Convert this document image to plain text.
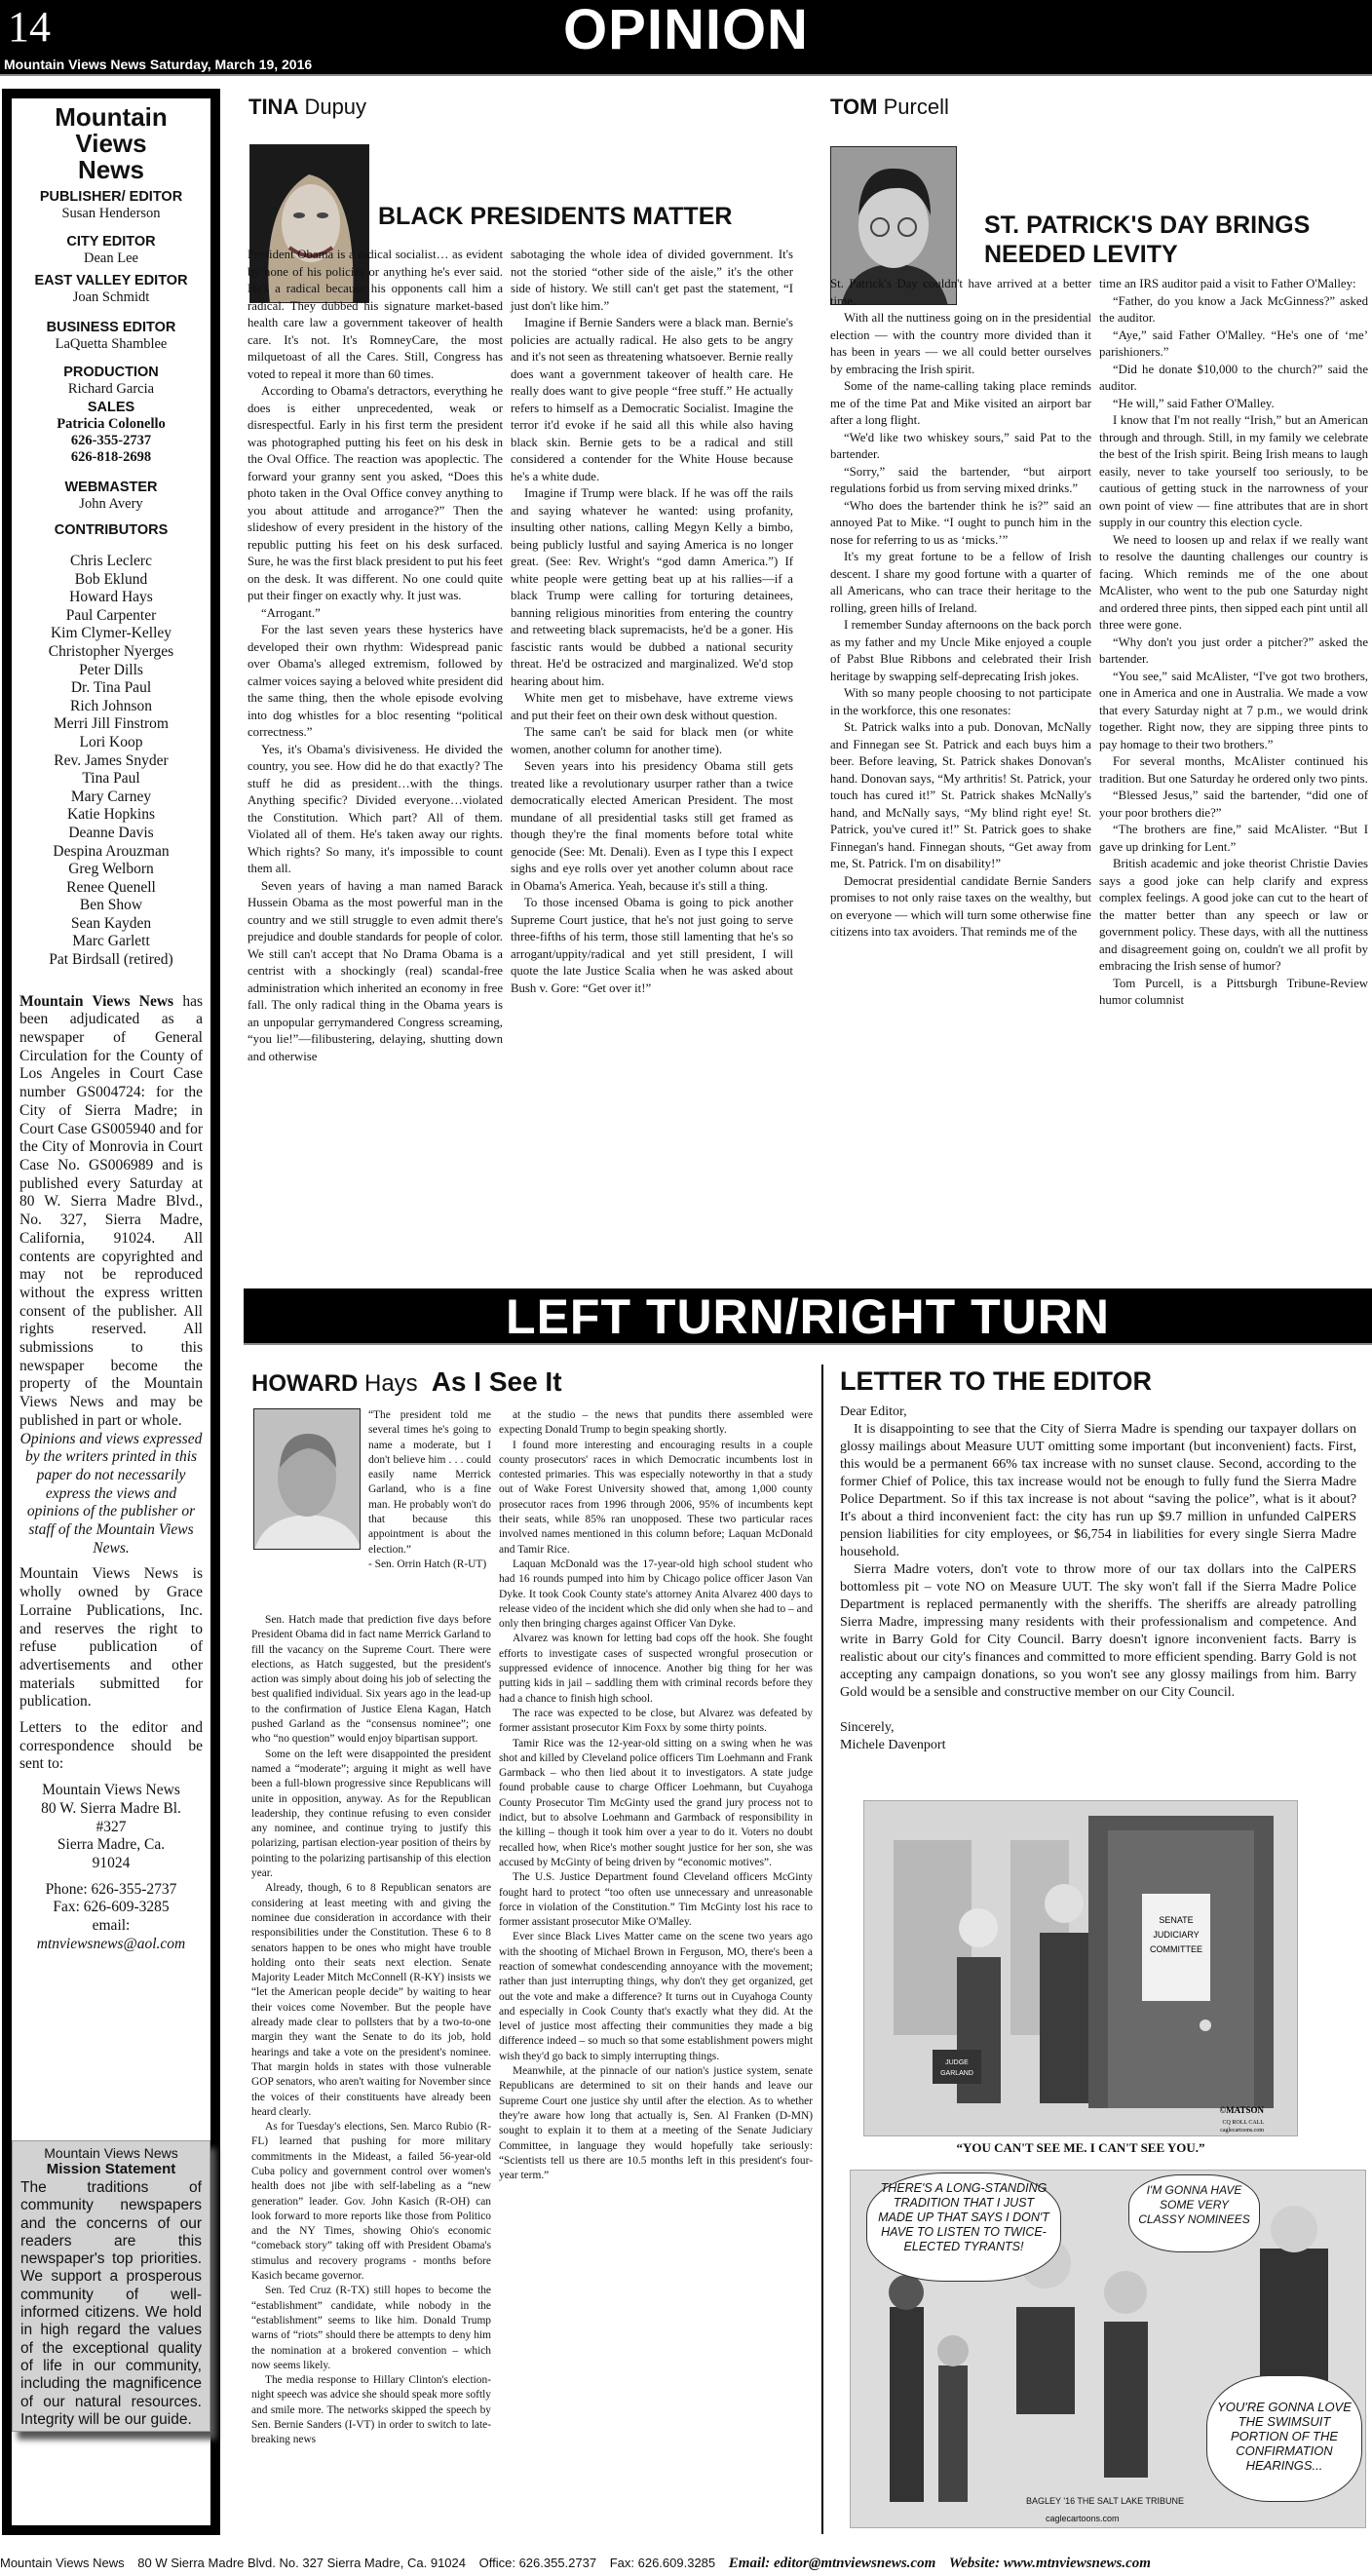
14	OPINION
Mountain Views News Saturday, March 19, 2016
Mountain
Views
News
PUBLISHER/ EDITOR
Susan Henderson
CITY EDITOR
Dean Lee
EAST VALLEY EDITOR
Joan Schmidt
BUSINESS EDITOR
LaQuetta Shamblee
PRODUCTION
Richard Garcia
SALES
Patricia Colonello
626-355-2737
626-818-2698
WEBMASTER
John Avery
CONTRIBUTORS
Chris Leclerc
Bob Eklund
Howard Hays
Paul Carpenter
Kim Clymer-Kelley
Christopher Nyerges
Peter Dills
Dr. Tina Paul
Rich Johnson
Merri Jill Finstrom
Lori Koop
Rev. James Snyder
Tina Paul
Mary Carney
Katie Hopkins
Deanne Davis
Despina Arouzman
Greg Welborn
Renee Quenell
Ben Show
Sean Kayden
Marc Garlett
Pat Birdsall (retired)
Mountain Views News has been adjudicated as a newspaper of General Circulation for the County of Los Angeles in Court Case number GS004724: for the City of Sierra Madre; in Court Case GS005940 and for the City of Monrovia in Court Case No. GS006989 and is published every Saturday at 80 W. Sierra Madre Blvd., No. 327, Sierra Madre, California, 91024. All contents are copyrighted and may not be reproduced without the express written consent of the publisher. All rights reserved. All submissions to this newspaper become the property of the Mountain Views News and may be published in part or whole.
Opinions and views expressed by the writers printed in this paper do not necessarily express the views and opinions of the publisher or staff of the Mountain Views News.
Mountain Views News is wholly owned by Grace Lorraine Publications, Inc. and reserves the right to refuse publication of advertisements and other materials submitted for publication.
Letters to the editor and correspondence should be sent to:
Mountain Views News
80 W. Sierra Madre Bl.
#327
Sierra Madre, Ca.
91024
Phone: 626-355-2737
Fax: 626-609-3285
email:
mtnviewsnews@aol.com
Mountain Views News
Mission Statement
The traditions of community newspapers and the concerns of our readers are this newspaper's top priorities. We support a prosperous community of well-informed citizens. We hold in high regard the values of the exceptional quality of life in our community, including the magnificence of our natural resources. Integrity will be our guide.
TINA Dupuy
BLACK PRESIDENTS MATTER

President Obama is a radical socialist… as evident by none of his policies or anything he's ever said. He's a radical because his opponents call him a radical. They dubbed his signature market-based health care law a government takeover of health care. It's not. It's RomneyCare, the most milquetoast of all the Cares. Still, Congress has voted to repeal it more than 60 times.

According to Obama's detractors, everything he does is either unprecedented, weak or disrespectful. Early in his first term the president was photographed putting his feet on his desk in the Oval Office. The reaction was apoplectic. The forward your granny sent you asked, “Does this photo taken in the Oval Office convey anything to you about attitude and arrogance?” Then the slideshow of every president in the history of the republic putting his feet on his desk surfaced. Sure, he was the first black president to put his feet on the desk. It was different. No one could quite put their finger on exactly why. It just was.

“Arrogant.”

For the last seven years these hysterics have developed their own rhythm: Widespread panic over Obama's alleged extremism, followed by calmer voices saying a beloved white president did the same thing, then the whole episode evolving into dog whistles for a bloc resenting “political correctness.”

Yes, it's Obama's divisiveness. He divided the country, you see. How did he do that exactly? The stuff he did as president…with the things. Anything specific? Divided everyone…violated the Constitution. Which part? All of them. Violated all of them. He's taken away our rights. Which rights? So many, it's impossible to count them all.

Seven years of having a man named Barack Hussein Obama as the most powerful man in the country and we still struggle to even admit there's prejudice and double standards for people of color. We still can't accept that No Drama Obama is a centrist with a shockingly (real) scandal-free administration which inherited an economy in free fall. The only radical thing in the Obama years is an unpopular gerrymandered Congress screaming, “you lie!”—filibustering, delaying, shutting down and otherwise

sabotaging the whole idea of divided government. It's not the storied “other side of the aisle,” it's the other side of history. We still can't get past the statement, “I just don't like him.”

Imagine if Bernie Sanders were a black man. Bernie's policies are actually radical. He also gets to be angry and it's not seen as threatening whatsoever. Bernie really does want a government takeover of health care. He really does want to give people “free stuff.” He actually refers to himself as a Democratic Socialist. Imagine the terror it'd evoke if he said all this while also having black skin. Bernie gets to be a radical and still considered a contender for the White House because he's a white dude.

Imagine if Trump were black. If he was off the rails and saying whatever he wanted: using profanity, insulting other nations, calling Megyn Kelly a bimbo, being publicly lustful and saying America is no longer great. (See: Rev. Wright's “god damn America.”) If white people were getting beat up at his rallies—if a black Trump were calling for torturing detainees, banning religious minorities from entering the country and retweeting black supremacists, he'd be a goner. His fascistic rants would be dubbed a national security threat. He'd be ostracized and marginalized. We'd stop hearing about him.

White men get to misbehave, have extreme views and put their feet on their own desk without question.

The same can't be said for black men (or white women, another column for another time).

Seven years into his presidency Obama still gets treated like a revolutionary usurper rather than a twice democratically elected American President. The most mundane of all presidential tasks still get framed as though they're the final moments before total white genocide (See: Mt. Denali). Even as I type this I expect sighs and eye rolls over yet another column about race in Obama's America. Yeah, because it's still a thing.

To those incensed Obama is going to pick another Supreme Court justice, that he's not just going to serve three-fifths of his term, those still lamenting that he's so arrogant/uppity/radical and yet still president, I will quote the late Justice Scalia when he was asked about Bush v. Gore: “Get over it!”

TOM Purcell
ST. PATRICK'S DAY BRINGS NEEDED LEVITY

St. Patrick's Day couldn't have arrived at a better time.

With all the nuttiness going on in the presidential election — with the country more divided than it has been in years — we all could better ourselves by embracing the Irish spirit.

Some of the name-calling taking place reminds me of the time Pat and Mike visited an airport bar after a long flight.

“We'd like two whiskey sours,” said Pat to the bartender.

“Sorry,” said the bartender, “but airport regulations forbid us from serving mixed drinks.”

“Who does the bartender think he is?” said an annoyed Pat to Mike. “I ought to punch him in the nose for referring to us as ‘micks.’”

It's my great fortune to be a fellow of Irish descent. I share my good fortune with a quarter of all Americans, who can trace their heritage to the rolling, green hills of Ireland.

I remember Sunday afternoons on the back porch as my father and my Uncle Mike enjoyed a couple of Pabst Blue Ribbons and celebrated their Irish heritage by swapping self-deprecating Irish jokes.

With so many people choosing to not participate in the workforce, this one resonates:

St. Patrick walks into a pub. Donovan, McNally and Finnegan see St. Patrick and each buys him a beer. Before leaving, St. Patrick shakes Donovan's hand. Donovan says, “My arthritis! St. Patrick, your touch has cured it!” St. Patrick shakes McNally's hand, and McNally says, “My blind right eye! St. Patrick, you've cured it!” St. Patrick goes to shake Finnegan's hand. Finnegan shouts, “Get away from me, St. Patrick. I'm on disability!”

Democrat presidential candidate Bernie Sanders promises to not only raise taxes on the wealthy, but on everyone — which will turn some otherwise fine citizens into tax avoiders. That reminds me of the

time an IRS auditor paid a visit to Father O'Malley:

“Father, do you know a Jack McGinness?” asked the auditor.

“Aye,” said Father O'Malley. “He's one of ‘me’ parishioners.”

“Did he donate $10,000 to the church?” said the auditor.

“He will,” said Father O'Malley.

I know that I'm not really “Irish,” but an American through and through. Still, in my family we celebrate the best of the Irish spirit. Being Irish means to laugh easily, never to take yourself too seriously, to be cautious of getting stuck in the narrowness of your own point of view — fine attributes that are in short supply in our country this election cycle.

We need to loosen up and relax if we really want to resolve the daunting challenges our country is facing. Which reminds me of the one about McAlister, who went to the pub one Saturday night and ordered three pints, then sipped each pint until all three were gone.

“Why don't you just order a pitcher?” asked the bartender.

“You see,” said McAlister, “I've got two brothers, one in America and one in Australia. We made a vow that every Saturday night at 7 p.m., we would drink together. Right now, they are sipping three pints to pay homage to their two brothers.”

For several months, McAlister continued his tradition. But one Saturday he ordered only two pints.

“Blessed Jesus,” said the bartender, “did one of your poor brothers die?”

“The brothers are fine,” said McAlister. “But I gave up drinking for Lent.”

British academic and joke theorist Christie Davies says a good joke can help clarify and express complex feelings. A good joke can cut to the heart of the matter better than any speech or law or government policy. These days, with all the nuttiness and disagreement going on, couldn't we all profit by embracing the Irish sense of humor?

Tom Purcell, is a Pittsburgh Tribune-Review humor columnist

LEFT TURN/RIGHT TURN
HOWARD Hays As I See It
“The president told me several times he's going to name a moderate, but I don't believe him . . . could easily name Merrick Garland, who is a fine man. He probably won't do that because this appointment is about the election.”
- Sen. Orrin Hatch (R-UT)

Sen. Hatch made that prediction five days before President Obama did in fact name Merrick Garland to fill the vacancy on the Supreme Court. There were elections, as Hatch suggested, but the president's action was simply about doing his job of selecting the best qualified individual. Six years ago in the lead-up to the confirmation of Justice Elena Kagan, Hatch pushed Garland as the “consensus nominee”; one who “no question” would enjoy bipartisan support.

Some on the left were disappointed the president named a “moderate”; arguing it might as well have been a full-blown progressive since Republicans will unite in opposition, anyway. As for the Republican leadership, they continue refusing to even consider any nominee, and continue trying to justify this polarizing, partisan election-year position of theirs by pointing to the polarizing partisanship of this election year.

Already, though, 6 to 8 Republican senators are considering at least meeting with and giving the nominee due consideration in accordance with their responsibilities under the Constitution. These 6 to 8 senators happen to be ones who might have trouble holding onto their seats next election. Senate Majority Leader Mitch McConnell (R-KY) insists we “let the American people decide” by waiting to hear their voices come November. But the people have already made clear to pollsters that by a two-to-one margin they want the Senate to do its job, hold hearings and take a vote on the president's nominee. That margin holds in states with those vulnerable GOP senators, who aren't waiting for November since the voices of their constituents have already been heard clearly.

As for Tuesday's elections, Sen. Marco Rubio (R-FL) learned that pushing for more military commitments in the Mideast, a failed 56-year-old Cuba policy and government control over women's health does not jibe with self-labeling as a “new generation” leader. Gov. John Kasich (R-OH) can look forward to more reports like those from Politico and the NY Times, showing Ohio's economic “comeback story” taking off with President Obama's stimulus and recovery programs - months before Kasich became governor.

Sen. Ted Cruz (R-TX) still hopes to become the “establishment” candidate, while nobody in the “establishment” seems to like him. Donald Trump warns of “riots” should there be attempts to deny him the nomination at a brokered convention – which now seems likely.

The media response to Hillary Clinton's election-night speech was advice she should speak more softly and smile more. The networks skipped the speech by Sen. Bernie Sanders (I-VT) in order to switch to late-breaking news

at the studio – the news that pundits there assembled were expecting Donald Trump to begin speaking shortly.

I found more interesting and encouraging results in a couple county prosecutors' races in which Democratic incumbents lost in contested primaries. This was especially noteworthy in that a study out of Wake Forest University showed that, among 1,000 county prosecutor races from 1996 through 2006, 95% of incumbents kept their seats, while 85% ran unopposed. These two particular races involved names mentioned in this column before; Laquan McDonald and Tamir Rice.

Laquan McDonald was the 17-year-old high school student who had 16 rounds pumped into him by Chicago police officer Jason Van Dyke. It took Cook County state's attorney Anita Alvarez 400 days to release video of the incident which she did only when she had to – and only then bringing charges against Officer Van Dyke.

Alvarez was known for letting bad cops off the hook. She fought efforts to investigate cases of suspected wrongful prosecution or suppressed evidence of innocence. Another big thing for her was putting kids in jail – saddling them with criminal records before they had a chance to finish high school.

The race was expected to be close, but Alvarez was defeated by former assistant prosecutor Kim Foxx by some thirty points.

Tamir Rice was the 12-year-old sitting on a swing when he was shot and killed by Cleveland police officers Tim Loehmann and Frank Garmback – who then lied about it to investigators. A state judge found probable cause to charge Officer Loehmann, but Cuyahoga County Prosecutor Tim McGinty used the grand jury process not to indict, but to absolve Loehmann and Garmback of responsibility in the killing – though it took him over a year to do it. Voters no doubt recalled how, when Rice's mother sought justice for her son, she was accused by McGinty of being driven by “economic motives”.

The U.S. Justice Department found Cleveland officers McGinty fought hard to protect “too often use unnecessary and unreasonable force in violation of the Constitution.” Tim McGinty lost his race to former assistant prosecutor Mike O'Malley.

Ever since Black Lives Matter came on the scene two years ago with the shooting of Michael Brown in Ferguson, MO, there's been a reaction of somewhat condescending annoyance with the movement; rather than just interrupting things, why don't they get organized, get out the vote and make a difference? It turns out in Cuyahoga County and especially in Cook County that's exactly what they did. At the level of justice most affecting their communities they made a big difference indeed – so much so that some establishment powers might wish they'd go back to simply interrupting things.

Meanwhile, at the pinnacle of our nation's justice system, senate Republicans are determined to sit on their hands and leave our Supreme Court one justice shy until after the election. As to whether they're aware how long that actually is, Sen. Al Franken (D-MN) sought to explain it to them at a meeting of the Senate Judiciary Committee, in language they would hopefully take seriously: “Scientists tell us there are 10.5 months left in this president's four-year term.”

LETTER TO THE EDITOR

Dear Editor,

It is disappointing to see that the City of Sierra Madre is spending our taxpayer dollars on glossy mailings about Measure UUT omitting some important (but inconvenient) facts. First, this would be a permanent 66% tax increase with no sunset clause. Second, according to the former Chief of Police, this tax increase would not be enough to fully fund the Sierra Madre Police Department. So if this tax increase is not about “saving the police”, what is it about? It's about a third inconvenient fact: the city has run up $9.7 million in unfunded CalPERS pension liabilities for city employees, or $6,754 in liabilities for every single Sierra Madre household.

Sierra Madre voters, don't vote to throw more of our tax dollars into the CalPERS bottomless pit – vote NO on Measure UUT. The sky won't fall if the Sierra Madre Police Department is replaced permanently with the sheriffs. The sheriffs are already patrolling Sierra Madre, impressing many residents with their professionalism and competence. And write in Barry Gold for City Council. Barry doesn't ignore inconvenient facts. Barry is realistic about our city's finances and committed to more efficient spending. Barry Gold is not accepting any campaign donations, so you won't see any glossy mailings from him. Barry Gold would be a sensible and constructive member on our City Council.

Sincerely,

Michele Davenport

SENATE
JUDICIARY
COMMITTEE
JUDGE
GARLAND
©MATSON
CQ ROLL CALL
caglecartoons.com
“YOU CAN'T SEE ME. I CAN'T SEE YOU.”
THERE'S A LONG-STANDING TRADITION THAT I JUST MADE UP THAT SAYS I DON'T HAVE TO LISTEN TO TWICE-ELECTED TYRANTS!
I'M GONNA HAVE SOME VERY CLASSY NOMINEES
YOU'RE GONNA LOVE THE SWIMSUIT PORTION OF THE CONFIRMATION HEARINGS...
BAGLEY '16 THE SALT LAKE TRIBUNE
caglecartoons.com
Mountain Views News 80 W Sierra Madre Blvd. No. 327 Sierra Madre, Ca. 91024 Office: 626.355.2737 Fax: 626.609.3285 Email: editor@mtnviewsnews.com Website: www.mtnviewsnews.com
